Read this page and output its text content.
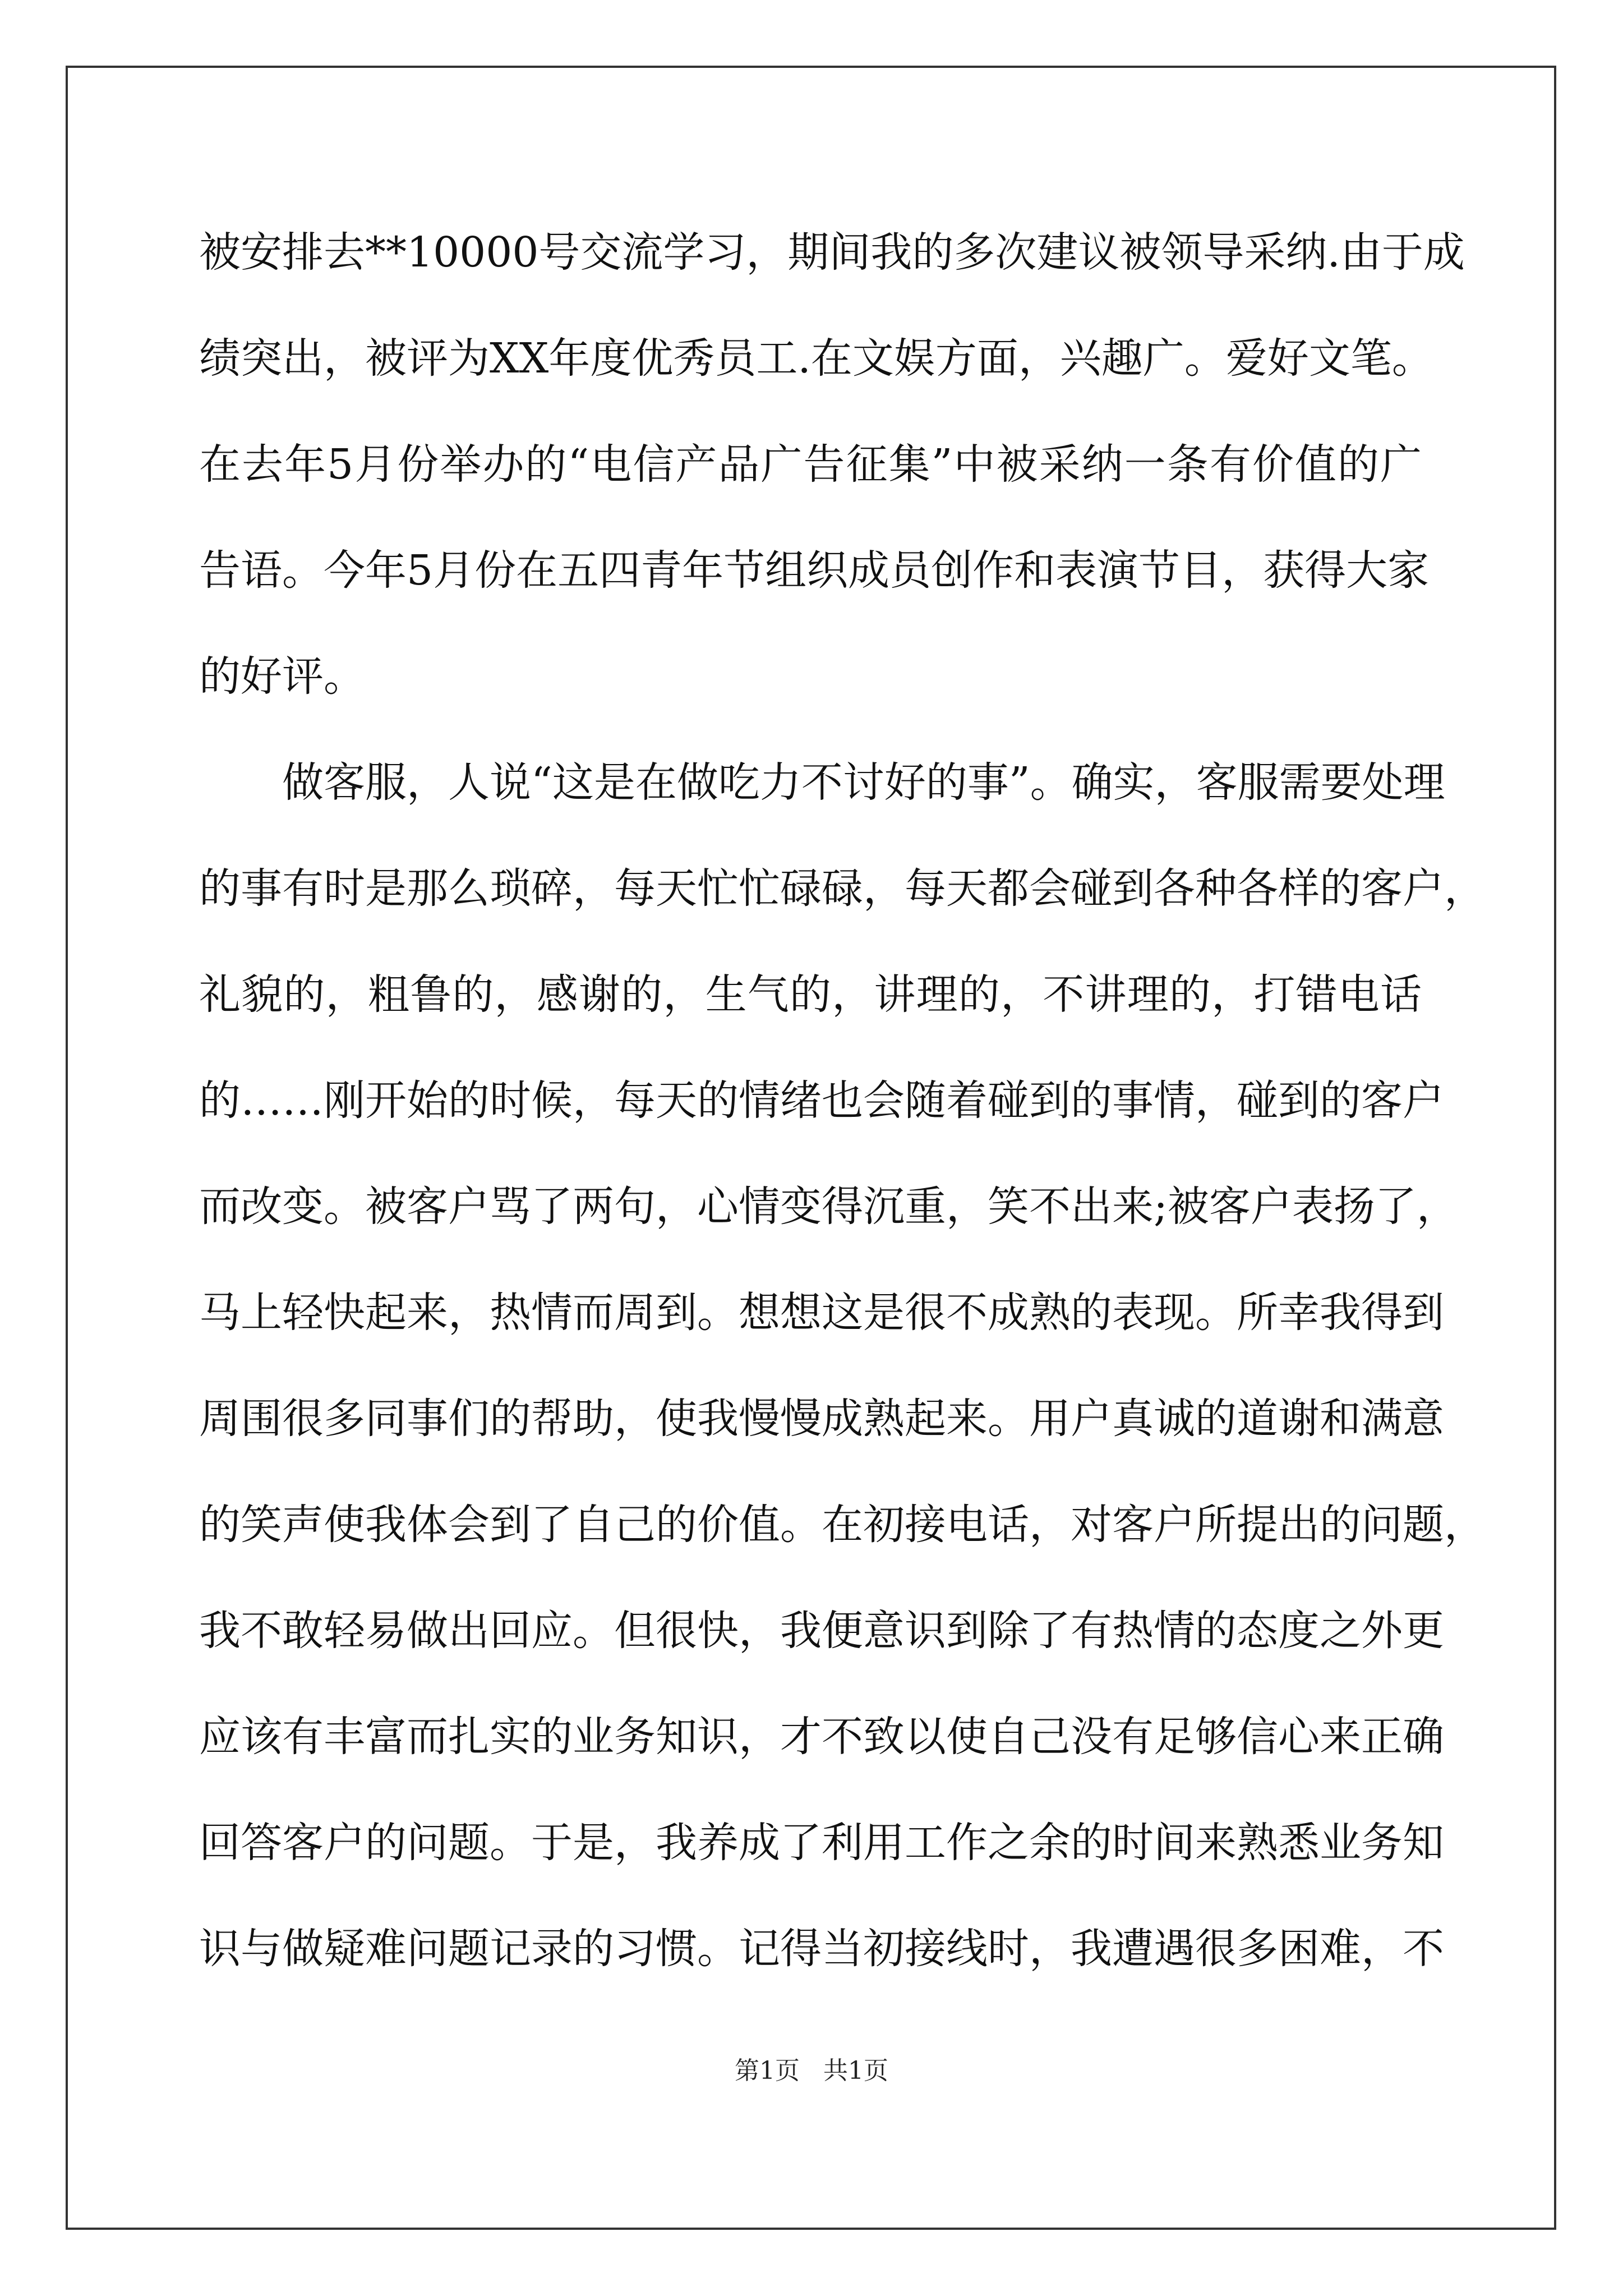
被安排去**10000号交流学习，期间我的多次建议被领导采纳.由于成
绩突出，被评为XX年度优秀员工.在文娱方面，兴趣广。爱好文笔。
在去年5月份举办的“电信产品广告征集”中被采纳一条有价值的广
告语。今年5月份在五四青年节组织成员创作和表演节目，获得大家
的好评。
做客服，人说“这是在做吃力不讨好的事”。确实，客服需要处理
的事有时是那么琐碎，每天忙忙碌碌，每天都会碰到各种各样的客户，
礼貌的，粗鲁的，感谢的，生气的，讲理的，不讲理的，打错电话
的……刚开始的时候，每天的情绪也会随着碰到的事情，碰到的客户
而改变。被客户骂了两句，心情变得沉重，笑不出来;被客户表扬了，
马上轻快起来，热情而周到。想想这是很不成熟的表现。所幸我得到
周围很多同事们的帮助，使我慢慢成熟起来。用户真诚的道谢和满意
的笑声使我体会到了自己的价值。在初接电话，对客户所提出的问题，
我不敢轻易做出回应。但很快，我便意识到除了有热情的态度之外更
应该有丰富而扎实的业务知识，才不致以使自己没有足够信心来正确
回答客户的问题。于是，我养成了利用工作之余的时间来熟悉业务知
识与做疑难问题记录的习惯。记得当初接线时，我遭遇很多困难，不
第1页 共1页
